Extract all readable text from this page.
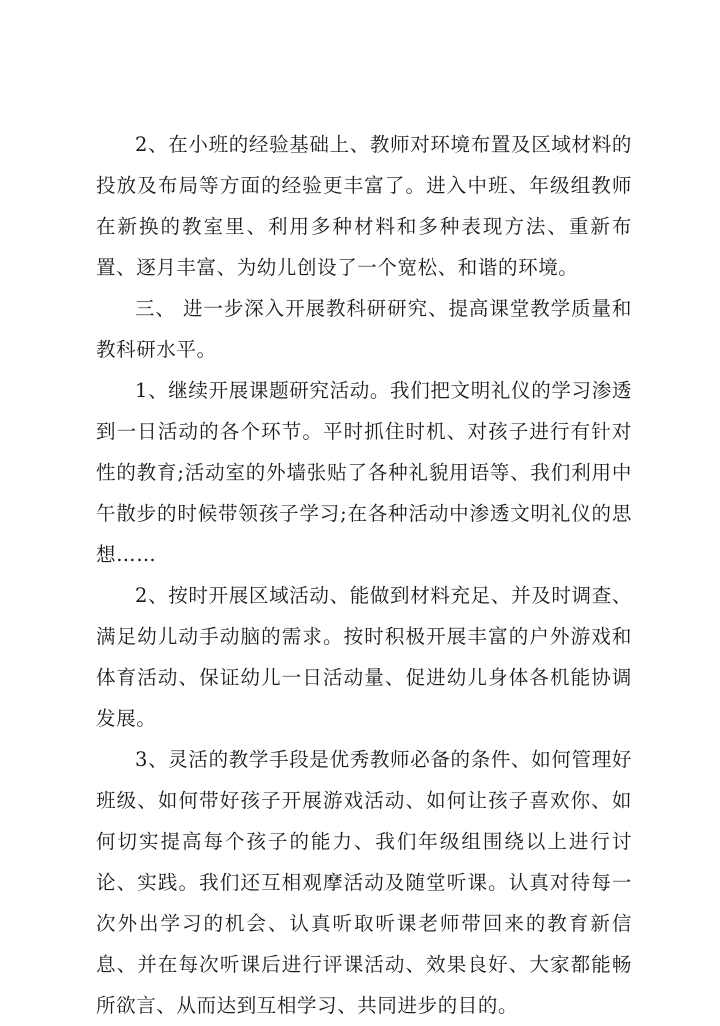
2、在小班的经验基础上、教师对环境布置及区域材料的投放及布局等方面的经验更丰富了。进入中班、年级组教师在新换的教室里、利用多种材料和多种表现方法、重新布置、逐月丰富、为幼儿创设了一个宽松、和谐的环境。

三、 进一步深入开展教科研研究、提高课堂教学质量和教科研水平。

1、继续开展课题研究活动。我们把文明礼仪的学习渗透到一日活动的各个环节。平时抓住时机、对孩子进行有针对性的教育;活动室的外墙张贴了各种礼貌用语等、我们利用中午散步的时候带领孩子学习;在各种活动中渗透文明礼仪的思想……

2、按时开展区域活动、能做到材料充足、并及时调查、满足幼儿动手动脑的需求。按时积极开展丰富的户外游戏和体育活动、保证幼儿一日活动量、促进幼儿身体各机能协调发展。

3、灵活的教学手段是优秀教师必备的条件、如何管理好班级、如何带好孩子开展游戏活动、如何让孩子喜欢你、如何切实提高每个孩子的能力、我们年级组围绕以上进行讨论、实践。我们还互相观摩活动及随堂听课。认真对待每一次外出学习的机会、认真听取听课老师带回来的教育新信息、并在每次听课后进行评课活动、效果良好、大家都能畅所欲言、从而达到互相学习、共同进步的目的。
